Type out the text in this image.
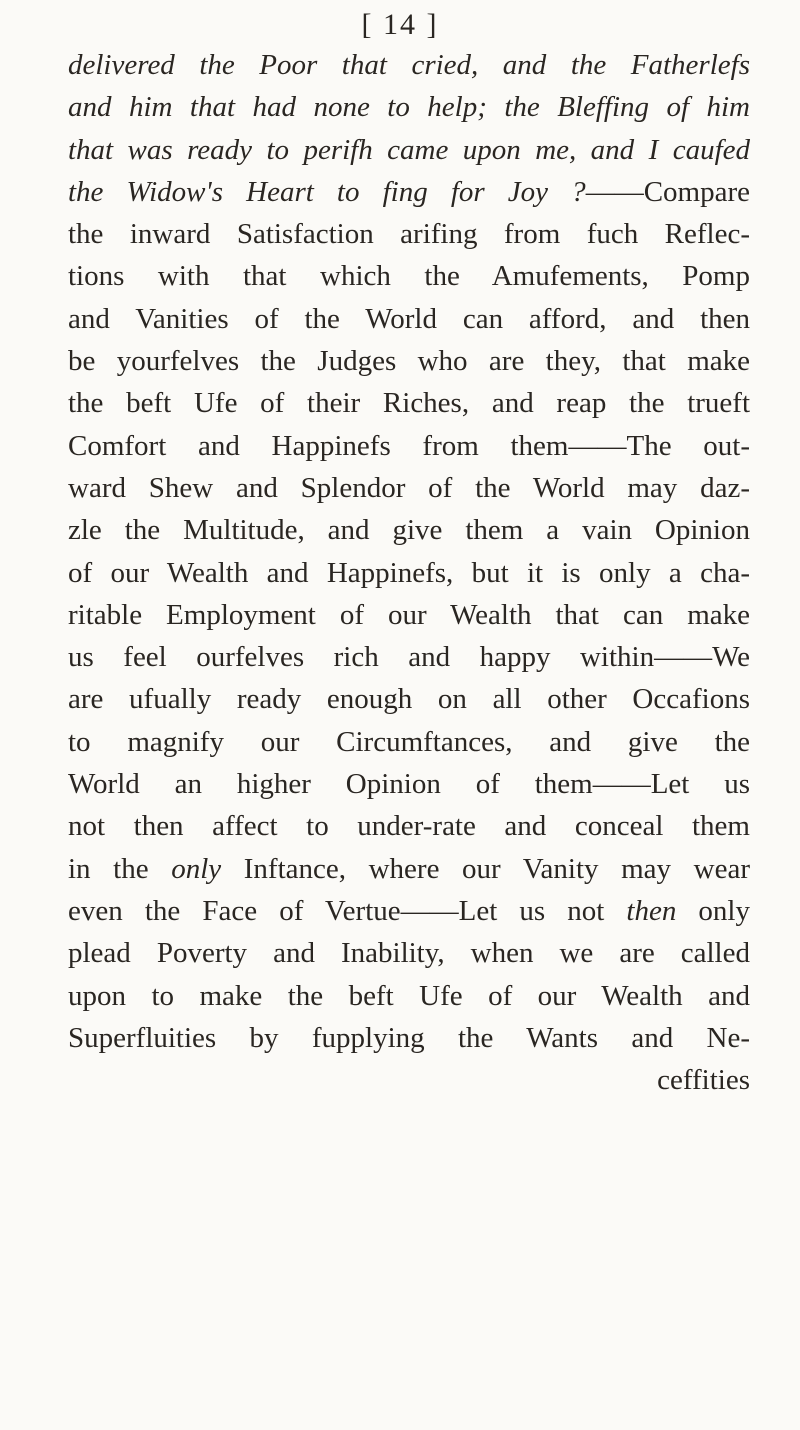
[ 14 ]
delivered the Poor that cried, and the Fatherlefs
and him that had none to help; the Bleffing of him
that was ready to perifh came upon me, and I caufed
the Widow's Heart to fing for Joy ?——Compare
the inward Satisfaction arifing from fuch Reflec-
tions with that which the Amufements, Pomp
and Vanities of the World can afford, and then
be yourfelves the Judges who are they, that make
the beft Ufe of their Riches, and reap the trueft
Comfort and Happinefs from them——The out-
ward Shew and Splendor of the World may daz-
zle the Multitude, and give them a vain Opinion
of our Wealth and Happinefs, but it is only a cha-
ritable Employment of our Wealth that can make
us feel ourfelves rich and happy within——We
are ufually ready enough on all other Occafions
to magnify our Circumftances, and give the
World an higher Opinion of them——Let us
not then affect to under-rate and conceal them
in the only Inftance, where our Vanity may wear
even the Face of Vertue——Let us not then only
plead Poverty and Inability, when we are called
upon to make the beft Ufe of our Wealth and
Superfluities by fupplying the Wants and Ne-
ceffities
